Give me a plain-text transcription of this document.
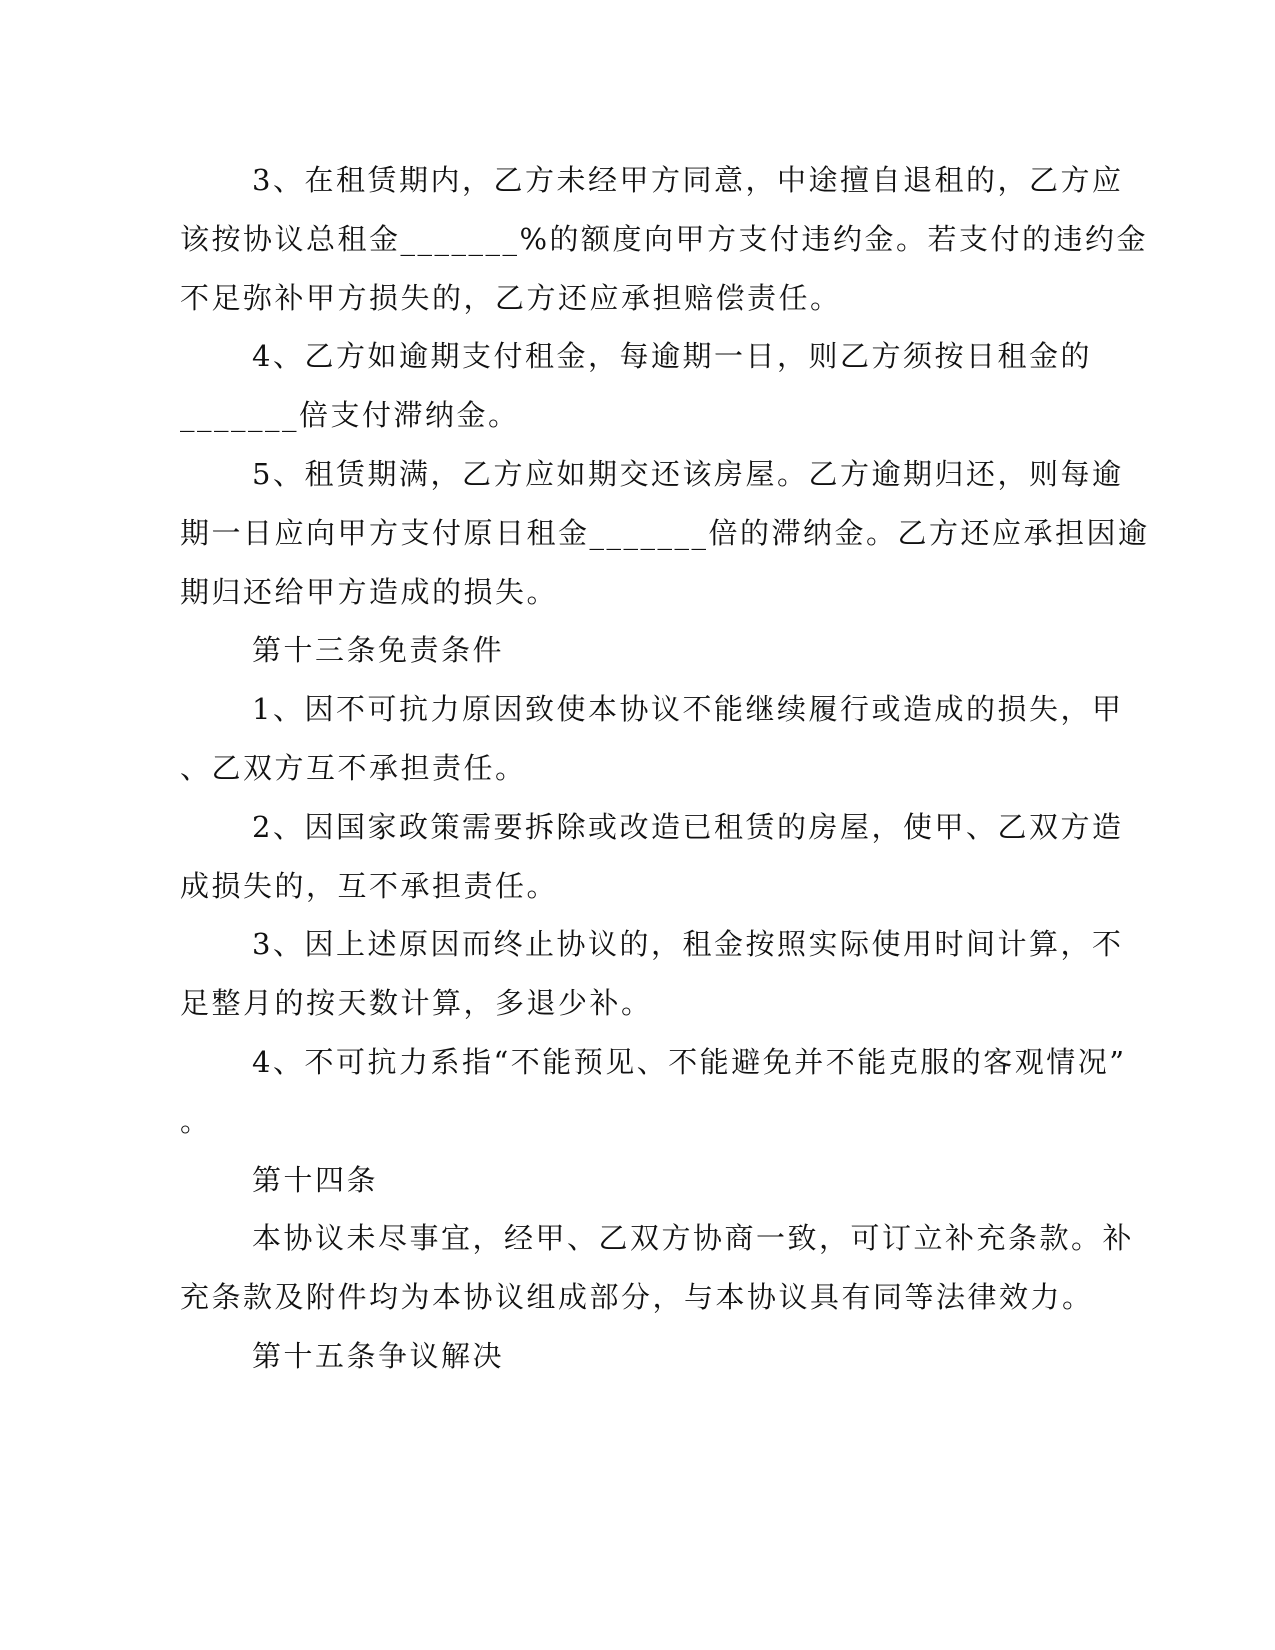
3、在租赁期内，乙方未经甲方同意，中途擅自退租的，乙方应

该按协议总租金_______%的额度向甲方支付违约金。若支付的违约金

不足弥补甲方损失的，乙方还应承担赔偿责任。

4、乙方如逾期支付租金，每逾期一日，则乙方须按日租金的

_______倍支付滞纳金。

5、租赁期满，乙方应如期交还该房屋。乙方逾期归还，则每逾

期一日应向甲方支付原日租金_______倍的滞纳金。乙方还应承担因逾

期归还给甲方造成的损失。

第十三条免责条件

1、因不可抗力原因致使本协议不能继续履行或造成的损失，甲

、乙双方互不承担责任。

2、因国家政策需要拆除或改造已租赁的房屋，使甲、乙双方造

成损失的，互不承担责任。

3、因上述原因而终止协议的，租金按照实际使用时间计算，不

足整月的按天数计算，多退少补。

4、不可抗力系指“不能预见、不能避免并不能克服的客观情况”

。

第十四条

本协议未尽事宜，经甲、乙双方协商一致，可订立补充条款。补

充条款及附件均为本协议组成部分，与本协议具有同等法律效力。

第十五条争议解决
